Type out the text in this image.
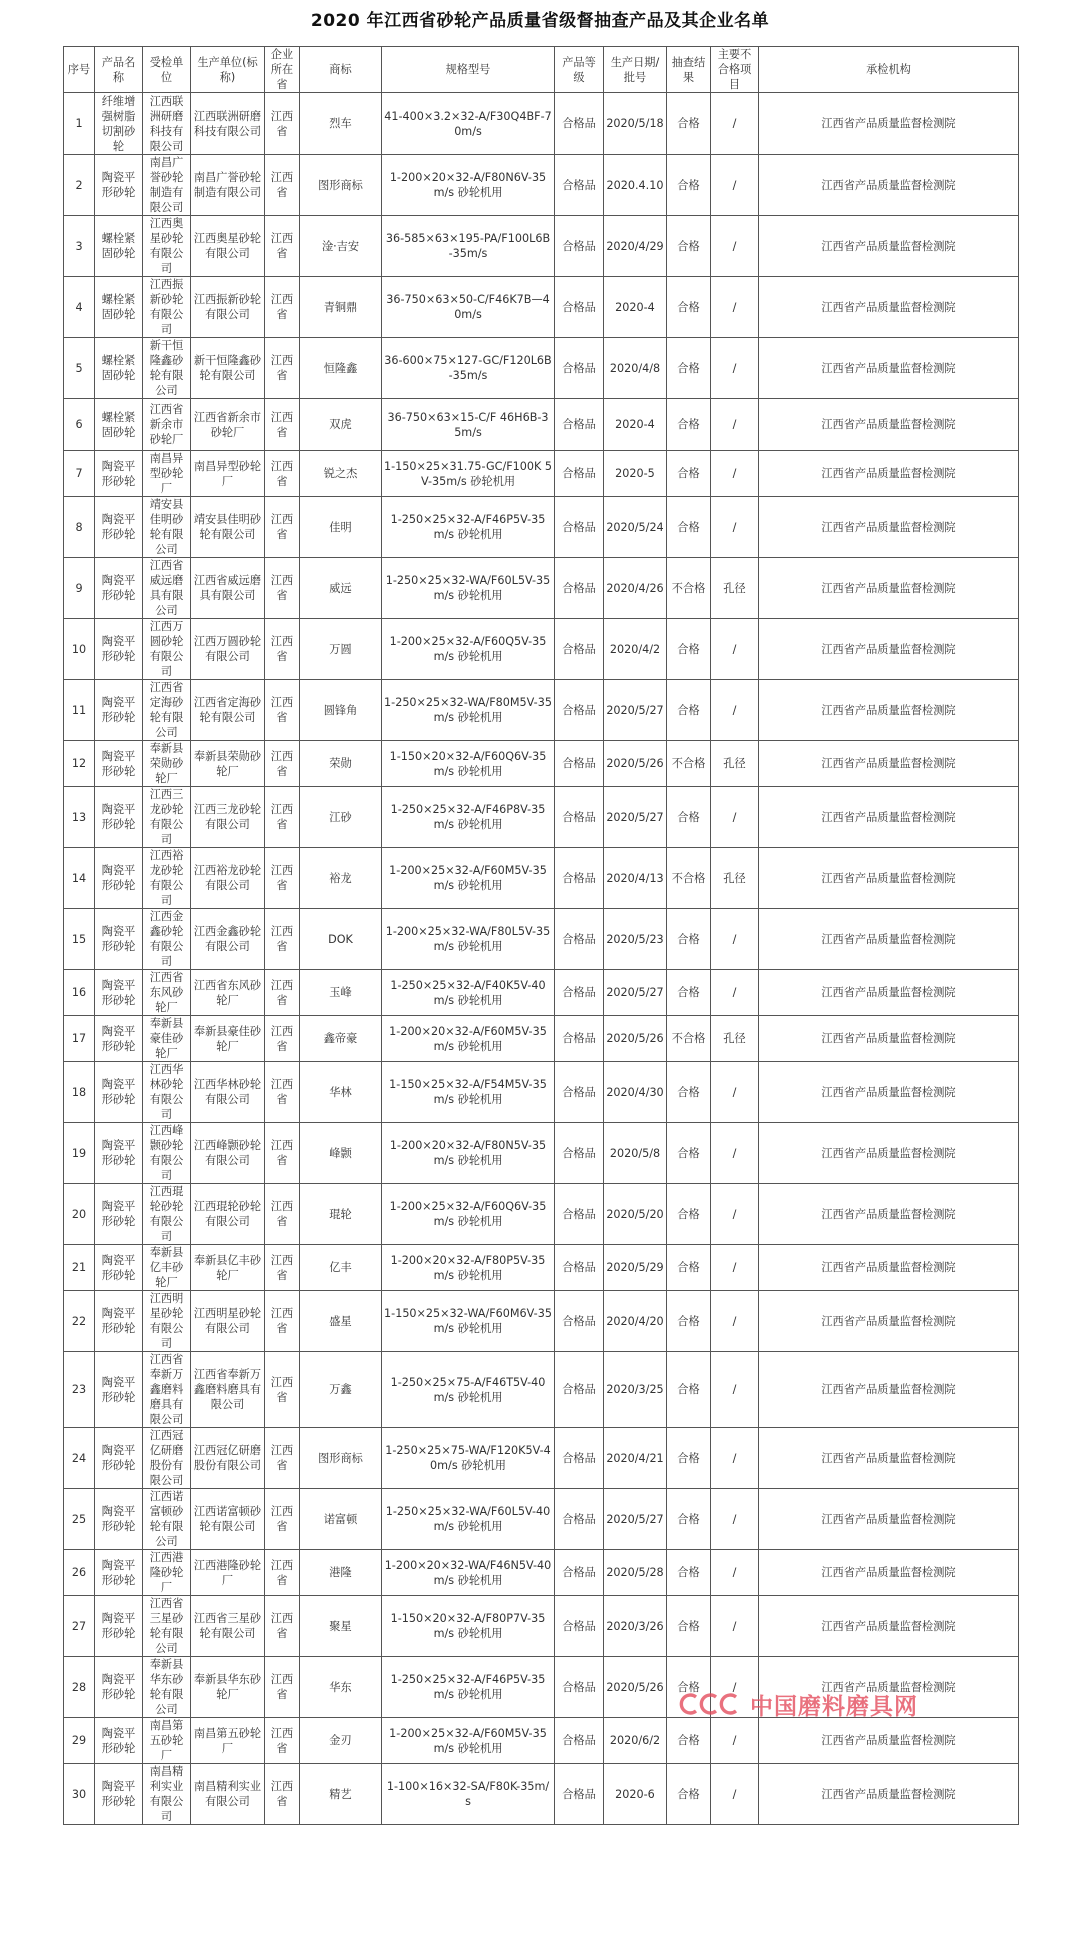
2020 年江西省砂轮产品质量省级督抽查产品及其企业名单
序号	产品名称	受检单位	生产单位(标称)	企业所在省	商标	规格型号	产品等级	生产日期/批号	抽查结果	主要不合格项目	承检机构
1	纤维增强树脂切割砂轮	江西联洲研磨科技有限公司	江西联洲研磨科技有限公司	江西省	烈车	41-400×3.2×32-A/F30Q4BF-70m/s	合格品	2020/5/18	合格	/	江西省产品质量监督检测院
2	陶瓷平形砂轮	南昌广誉砂轮制造有限公司	南昌广誉砂轮制造有限公司	江西省	图形商标	1-200×20×32-A/F80N6V-35m/s 砂轮机用	合格品	2020.4.10	合格	/	江西省产品质量监督检测院
3	螺栓紧固砂轮	江西奥星砂轮有限公司	江西奥星砂轮有限公司	江西省	淦·吉安	36-585×63×195-PA/F100L6B-35m/s	合格品	2020/4/29	合格	/	江西省产品质量监督检测院
4	螺栓紧固砂轮	江西振新砂轮有限公司	江西振新砂轮有限公司	江西省	青铜鼎	36-750×63×50-C/F46K7B—40m/s	合格品	2020-4	合格	/	江西省产品质量监督检测院
5	螺栓紧固砂轮	新干恒隆鑫砂轮有限公司	新干恒隆鑫砂轮有限公司	江西省	恒隆鑫	36-600×75×127-GC/F120L6B-35m/s	合格品	2020/4/8	合格	/	江西省产品质量监督检测院
6	螺栓紧固砂轮	江西省新余市砂轮厂	江西省新余市砂轮厂	江西省	双虎	36-750×63×15-C/F 46H6B-35m/s	合格品	2020-4	合格	/	江西省产品质量监督检测院
7	陶瓷平形砂轮	南昌异型砂轮厂	南昌异型砂轮厂	江西省	锐之杰	1-150×25×31.75-GC/F100K 5V-35m/s 砂轮机用	合格品	2020-5	合格	/	江西省产品质量监督检测院
8	陶瓷平形砂轮	靖安县佳明砂轮有限公司	靖安县佳明砂轮有限公司	江西省	佳明	1-250×25×32-A/F46P5V-35m/s 砂轮机用	合格品	2020/5/24	合格	/	江西省产品质量监督检测院
9	陶瓷平形砂轮	江西省威远磨具有限公司	江西省威远磨具有限公司	江西省	威远	1-250×25×32-WA/F60L5V-35m/s 砂轮机用	合格品	2020/4/26	不合格	孔径	江西省产品质量监督检测院
10	陶瓷平形砂轮	江西万圆砂轮有限公司	江西万圆砂轮有限公司	江西省	万圆	1-200×25×32-A/F60Q5V-35m/s 砂轮机用	合格品	2020/4/2	合格	/	江西省产品质量监督检测院
11	陶瓷平形砂轮	江西省定海砂轮有限公司	江西省定海砂轮有限公司	江西省	圆锋角	1-250×25×32-WA/F80M5V-35m/s 砂轮机用	合格品	2020/5/27	合格	/	江西省产品质量监督检测院
12	陶瓷平形砂轮	奉新县荣勋砂轮厂	奉新县荣勋砂轮厂	江西省	荣勋	1-150×20×32-A/F60Q6V-35m/s 砂轮机用	合格品	2020/5/26	不合格	孔径	江西省产品质量监督检测院
13	陶瓷平形砂轮	江西三龙砂轮有限公司	江西三龙砂轮有限公司	江西省	江砂	1-250×25×32-A/F46P8V-35m/s 砂轮机用	合格品	2020/5/27	合格	/	江西省产品质量监督检测院
14	陶瓷平形砂轮	江西裕龙砂轮有限公司	江西裕龙砂轮有限公司	江西省	裕龙	1-200×25×32-A/F60M5V-35m/s 砂轮机用	合格品	2020/4/13	不合格	孔径	江西省产品质量监督检测院
15	陶瓷平形砂轮	江西金鑫砂轮有限公司	江西金鑫砂轮有限公司	江西省	DOK	1-200×25×32-WA/F80L5V-35m/s 砂轮机用	合格品	2020/5/23	合格	/	江西省产品质量监督检测院
16	陶瓷平形砂轮	江西省东风砂轮厂	江西省东风砂轮厂	江西省	玉峰	1-250×25×32-A/F40K5V-40m/s 砂轮机用	合格品	2020/5/27	合格	/	江西省产品质量监督检测院
17	陶瓷平形砂轮	奉新县豪佳砂轮厂	奉新县豪佳砂轮厂	江西省	鑫帝豪	1-200×20×32-A/F60M5V-35m/s 砂轮机用	合格品	2020/5/26	不合格	孔径	江西省产品质量监督检测院
18	陶瓷平形砂轮	江西华林砂轮有限公司	江西华林砂轮有限公司	江西省	华林	1-150×25×32-A/F54M5V-35m/s 砂轮机用	合格品	2020/4/30	合格	/	江西省产品质量监督检测院
19	陶瓷平形砂轮	江西峰颢砂轮有限公司	江西峰颢砂轮有限公司	江西省	峰颢	1-200×20×32-A/F80N5V-35m/s 砂轮机用	合格品	2020/5/8	合格	/	江西省产品质量监督检测院
20	陶瓷平形砂轮	江西琨轮砂轮有限公司	江西琨轮砂轮有限公司	江西省	琨轮	1-200×25×32-A/F60Q6V-35m/s 砂轮机用	合格品	2020/5/20	合格	/	江西省产品质量监督检测院
21	陶瓷平形砂轮	奉新县亿丰砂轮厂	奉新县亿丰砂轮厂	江西省	亿丰	1-200×20×32-A/F80P5V-35m/s 砂轮机用	合格品	2020/5/29	合格	/	江西省产品质量监督检测院
22	陶瓷平形砂轮	江西明星砂轮有限公司	江西明星砂轮有限公司	江西省	盛星	1-150×25×32-WA/F60M6V-35m/s 砂轮机用	合格品	2020/4/20	合格	/	江西省产品质量监督检测院
23	陶瓷平形砂轮	江西省奉新万鑫磨料磨具有限公司	江西省奉新万鑫磨料磨具有限公司	江西省	万鑫	1-250×25×75-A/F46T5V-40m/s 砂轮机用	合格品	2020/3/25	合格	/	江西省产品质量监督检测院
24	陶瓷平形砂轮	江西冠亿研磨股份有限公司	江西冠亿研磨股份有限公司	江西省	图形商标	1-250×25×75-WA/F120K5V-40m/s 砂轮机用	合格品	2020/4/21	合格	/	江西省产品质量监督检测院
25	陶瓷平形砂轮	江西诺富顿砂轮有限公司	江西诺富顿砂轮有限公司	江西省	诺富顿	1-250×25×32-WA/F60L5V-40m/s 砂轮机用	合格品	2020/5/27	合格	/	江西省产品质量监督检测院
26	陶瓷平形砂轮	江西港隆砂轮厂	江西港隆砂轮厂	江西省	港隆	1-200×20×32-WA/F46N5V-40m/s 砂轮机用	合格品	2020/5/28	合格	/	江西省产品质量监督检测院
27	陶瓷平形砂轮	江西省三星砂轮有限公司	江西省三星砂轮有限公司	江西省	聚星	1-150×20×32-A/F80P7V-35m/s 砂轮机用	合格品	2020/3/26	合格	/	江西省产品质量监督检测院
28	陶瓷平形砂轮	奉新县华东砂轮有限公司	奉新县华东砂轮厂	江西省	华东	1-250×25×32-A/F46P5V-35m/s 砂轮机用	合格品	2020/5/26	合格	/	江西省产品质量监督检测院
29	陶瓷平形砂轮	南昌第五砂轮厂	南昌第五砂轮厂	江西省	金刃	1-200×25×32-A/F60M5V-35m/s 砂轮机用	合格品	2020/6/2	合格	/	江西省产品质量监督检测院
30	陶瓷平形砂轮	南昌精利实业有限公司	南昌精利实业有限公司	江西省	精艺	1-100×16×32-SA/F80K-35m/s	合格品	2020-6	合格	/	江西省产品质量监督检测院
中国磨料磨具网
